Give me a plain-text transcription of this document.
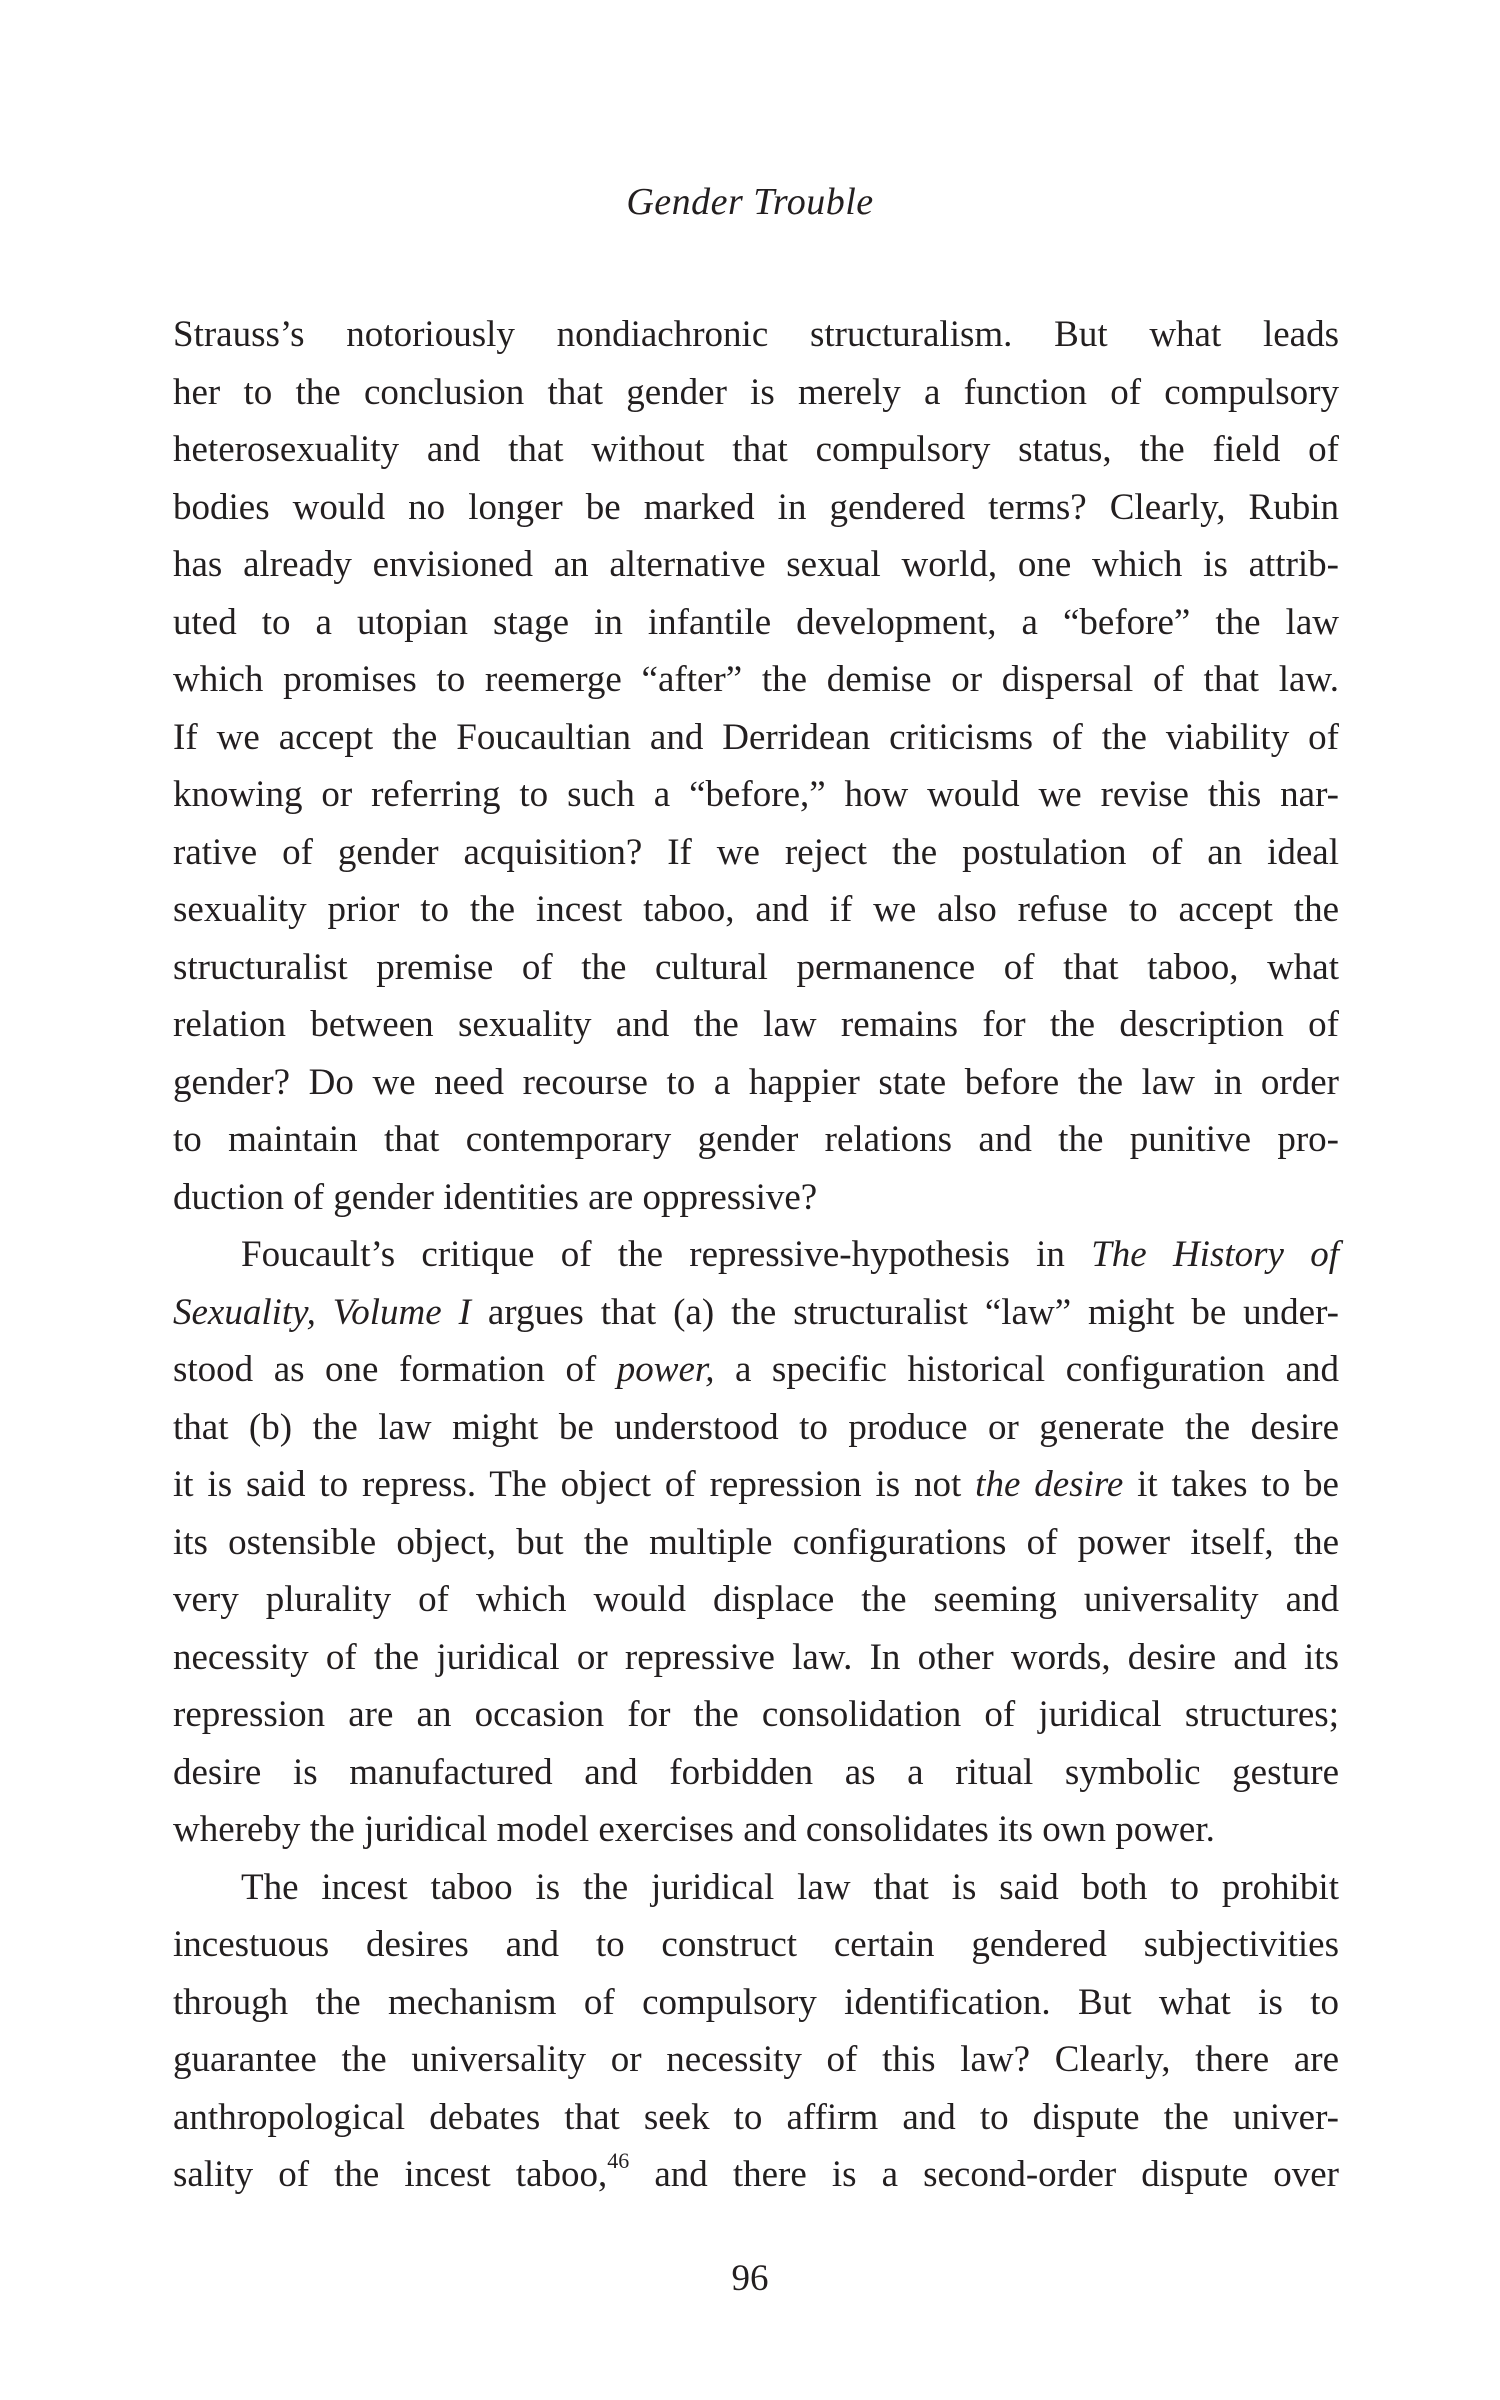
Gender Trouble
Strauss’s notoriously nondiachronic structuralism. But what leads
her to the conclusion that gender is merely a function of compulsory
heterosexuality and that without that compulsory status, the field of
bodies would no longer be marked in gendered terms? Clearly, Rubin
has already envisioned an alternative sexual world, one which is attrib-
uted to a utopian stage in infantile development, a “before” the law
which promises to reemerge “after” the demise or dispersal of that law.
If we accept the Foucaultian and Derridean criticisms of the viability of
knowing or referring to such a “before,” how would we revise this nar-
rative of gender acquisition? If we reject the postulation of an ideal
sexuality prior to the incest taboo, and if we also refuse to accept the
structuralist premise of the cultural permanence of that taboo, what
relation between sexuality and the law remains for the description of
gender? Do we need recourse to a happier state before the law in order
to maintain that contemporary gender relations and the punitive pro-
duction of gender identities are oppressive?
Foucault’s critique of the repressive-hypothesis in The History of
Sexuality, Volume I argues that (a) the structuralist “law” might be under-
stood as one formation of power, a specific historical configuration and
that (b) the law might be understood to produce or generate the desire
it is said to repress. The object of repression is not the desire it takes to be
its ostensible object, but the multiple configurations of power itself, the
very plurality of which would displace the seeming universality and
necessity of the juridical or repressive law. In other words, desire and its
repression are an occasion for the consolidation of juridical structures;
desire is manufactured and forbidden as a ritual symbolic gesture
whereby the juridical model exercises and consolidates its own power.
The incest taboo is the juridical law that is said both to prohibit
incestuous desires and to construct certain gendered subjectivities
through the mechanism of compulsory identification. But what is to
guarantee the universality or necessity of this law? Clearly, there are
anthropological debates that seek to affirm and to dispute the univer-
sality of the incest taboo,$^{46}$ and there is a second-order dispute over
96
